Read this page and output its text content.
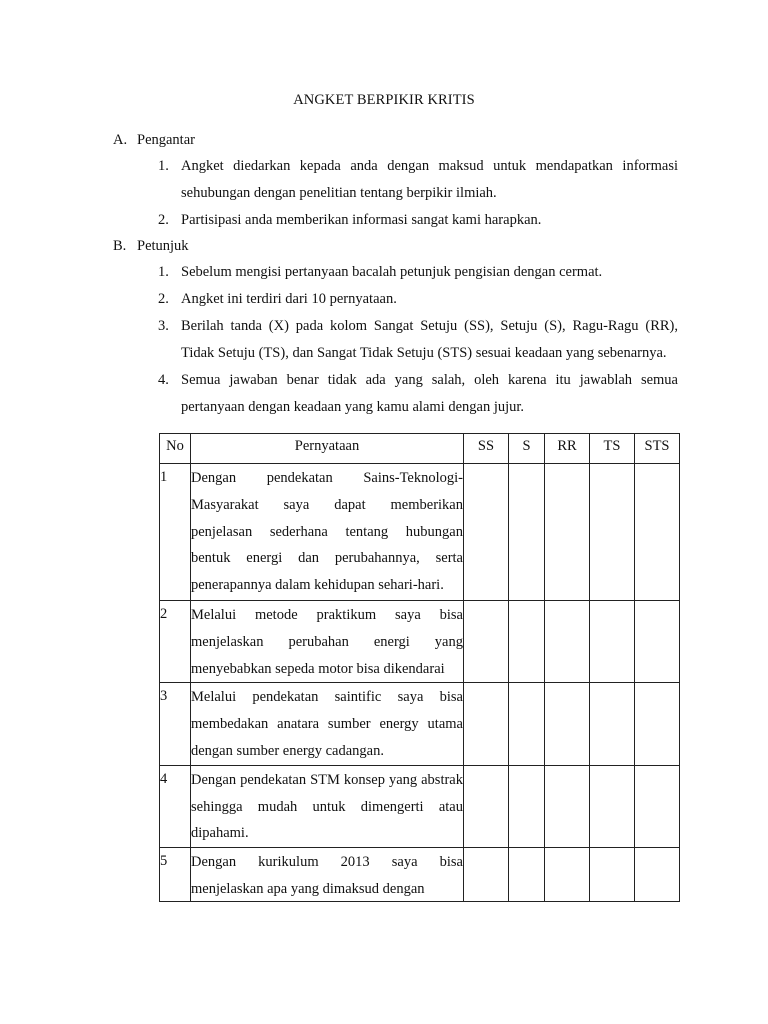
ANGKET BERPIKIR KRITIS
A. Pengantar
1. Angket diedarkan kepada anda dengan maksud untuk mendapatkan informasi sehubungan dengan penelitian tentang berpikir ilmiah.
2. Partisipasi anda memberikan informasi sangat kami harapkan.
B. Petunjuk
1. Sebelum mengisi pertanyaan bacalah petunjuk pengisian dengan cermat.
2. Angket ini terdiri dari 10 pernyataan.
3. Berilah tanda (X) pada kolom Sangat Setuju (SS), Setuju (S), Ragu-Ragu (RR), Tidak Setuju (TS), dan Sangat Tidak Setuju (STS) sesuai keadaan yang sebenarnya.
4. Semua jawaban benar tidak ada yang salah, oleh karena itu jawablah semua pertanyaan dengan keadaan yang kamu alami dengan jujur.
No	Pernyataan	SS	S	RR	TS	STS
1	Dengan pendekatan Sains-Teknologi-Masyarakat saya dapat memberikan penjelasan sederhana tentang hubungan bentuk energi dan perubahannya, serta penerapannya dalam kehidupan sehari-hari.					

2	Melalui metode praktikum saya bisa menjelaskan perubahan energi yang menyebabkan sepeda motor bisa dikendarai					

3	Melalui pendekatan saintific saya bisa membedakan anatara sumber energy utama dengan sumber energy cadangan.					

4	Dengan pendekatan STM konsep yang abstrak sehingga mudah untuk dimengerti atau dipahami.					

5	Dengan kurikulum 2013 saya bisa menjelaskan apa yang dimaksud dengan					
